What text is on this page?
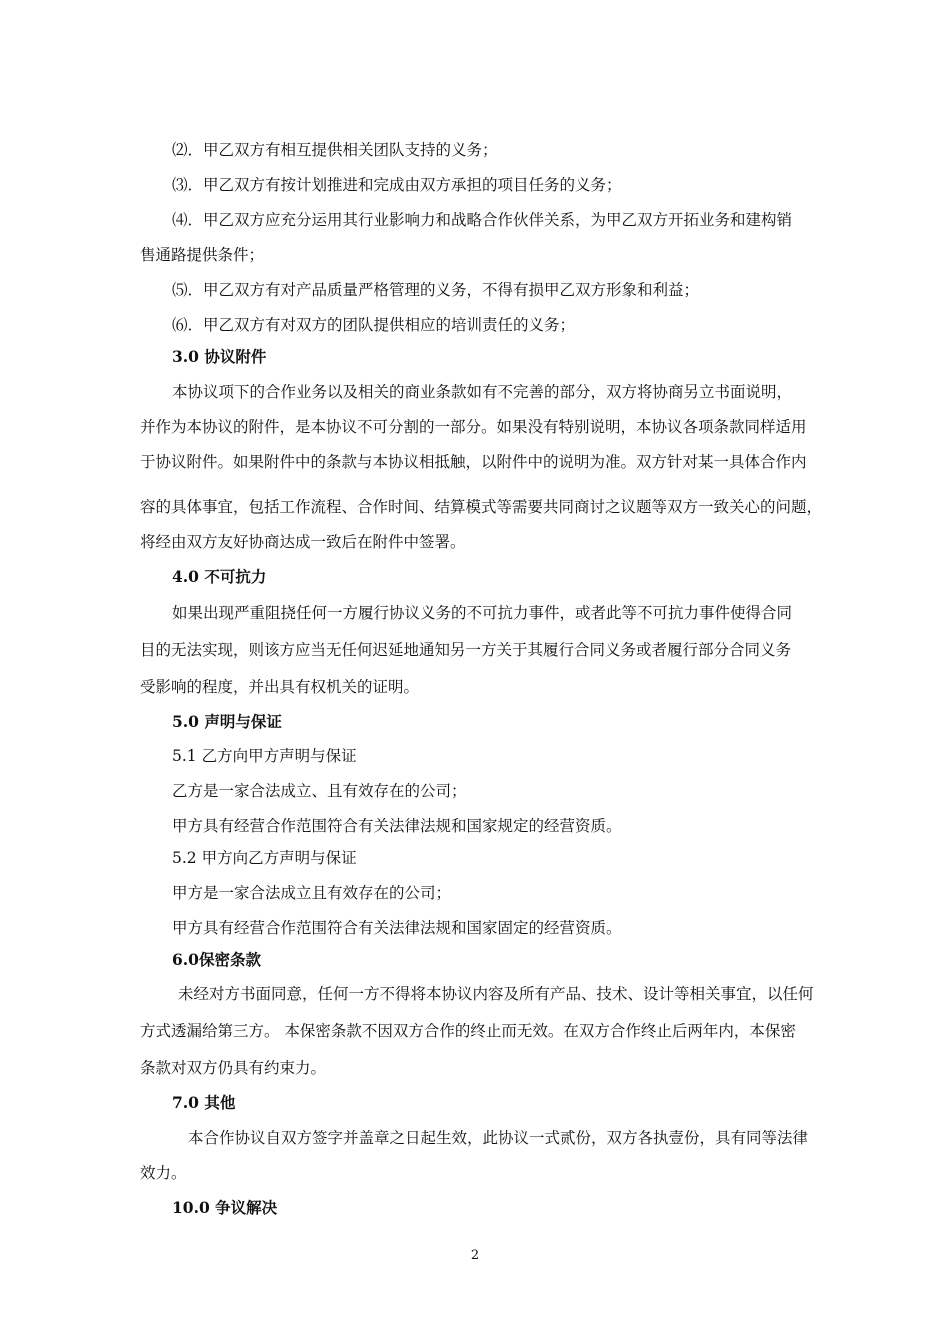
⑵．甲乙双方有相互提供相关团队支持的义务；
⑶．甲乙双方有按计划推进和完成由双方承担的项目任务的义务；
⑷．甲乙双方应充分运用其行业影响力和战略合作伙伴关系，为甲乙双方开拓业务和建构销
售通路提供条件；
⑸．甲乙双方有对产品质量严格管理的义务，不得有损甲乙双方形象和利益；
⑹．甲乙双方有对双方的团队提供相应的培训责任的义务；
3.0 协议附件
本协议项下的合作业务以及相关的商业条款如有不完善的部分，双方将协商另立书面说明，
并作为本协议的附件，是本协议不可分割的一部分。如果没有特别说明，本协议各项条款同样适用
于协议附件。如果附件中的条款与本协议相抵触，以附件中的说明为准。双方针对某一具体合作内
容的具体事宜，包括工作流程、合作时间、结算模式等需要共同商讨之议题等双方一致关心的问题，
将经由双方友好协商达成一致后在附件中签署。
4.0 不可抗力
如果出现严重阻挠任何一方履行协议义务的不可抗力事件，或者此等不可抗力事件使得合同
目的无法实现，则该方应当无任何迟延地通知另一方关于其履行合同义务或者履行部分合同义务
受影响的程度，并出具有权机关的证明。
5.0 声明与保证
5.1 乙方向甲方声明与保证
乙方是一家合法成立、且有效存在的公司；
甲方具有经营合作范围符合有关法律法规和国家规定的经营资质。
5.2 甲方向乙方声明与保证
甲方是一家合法成立且有效存在的公司；
甲方具有经营合作范围符合有关法律法规和国家固定的经营资质。
6.0保密条款
未经对方书面同意，任何一方不得将本协议内容及所有产品、技术、设计等相关事宜，以任何
方式透漏给第三方。 本保密条款不因双方合作的终止而无效。在双方合作终止后两年内，本保密
条款对双方仍具有约束力。
7.0 其他
本合作协议自双方签字并盖章之日起生效，此协议一式贰份，双方各执壹份，具有同等法律
效力。
10.0 争议解决
2
